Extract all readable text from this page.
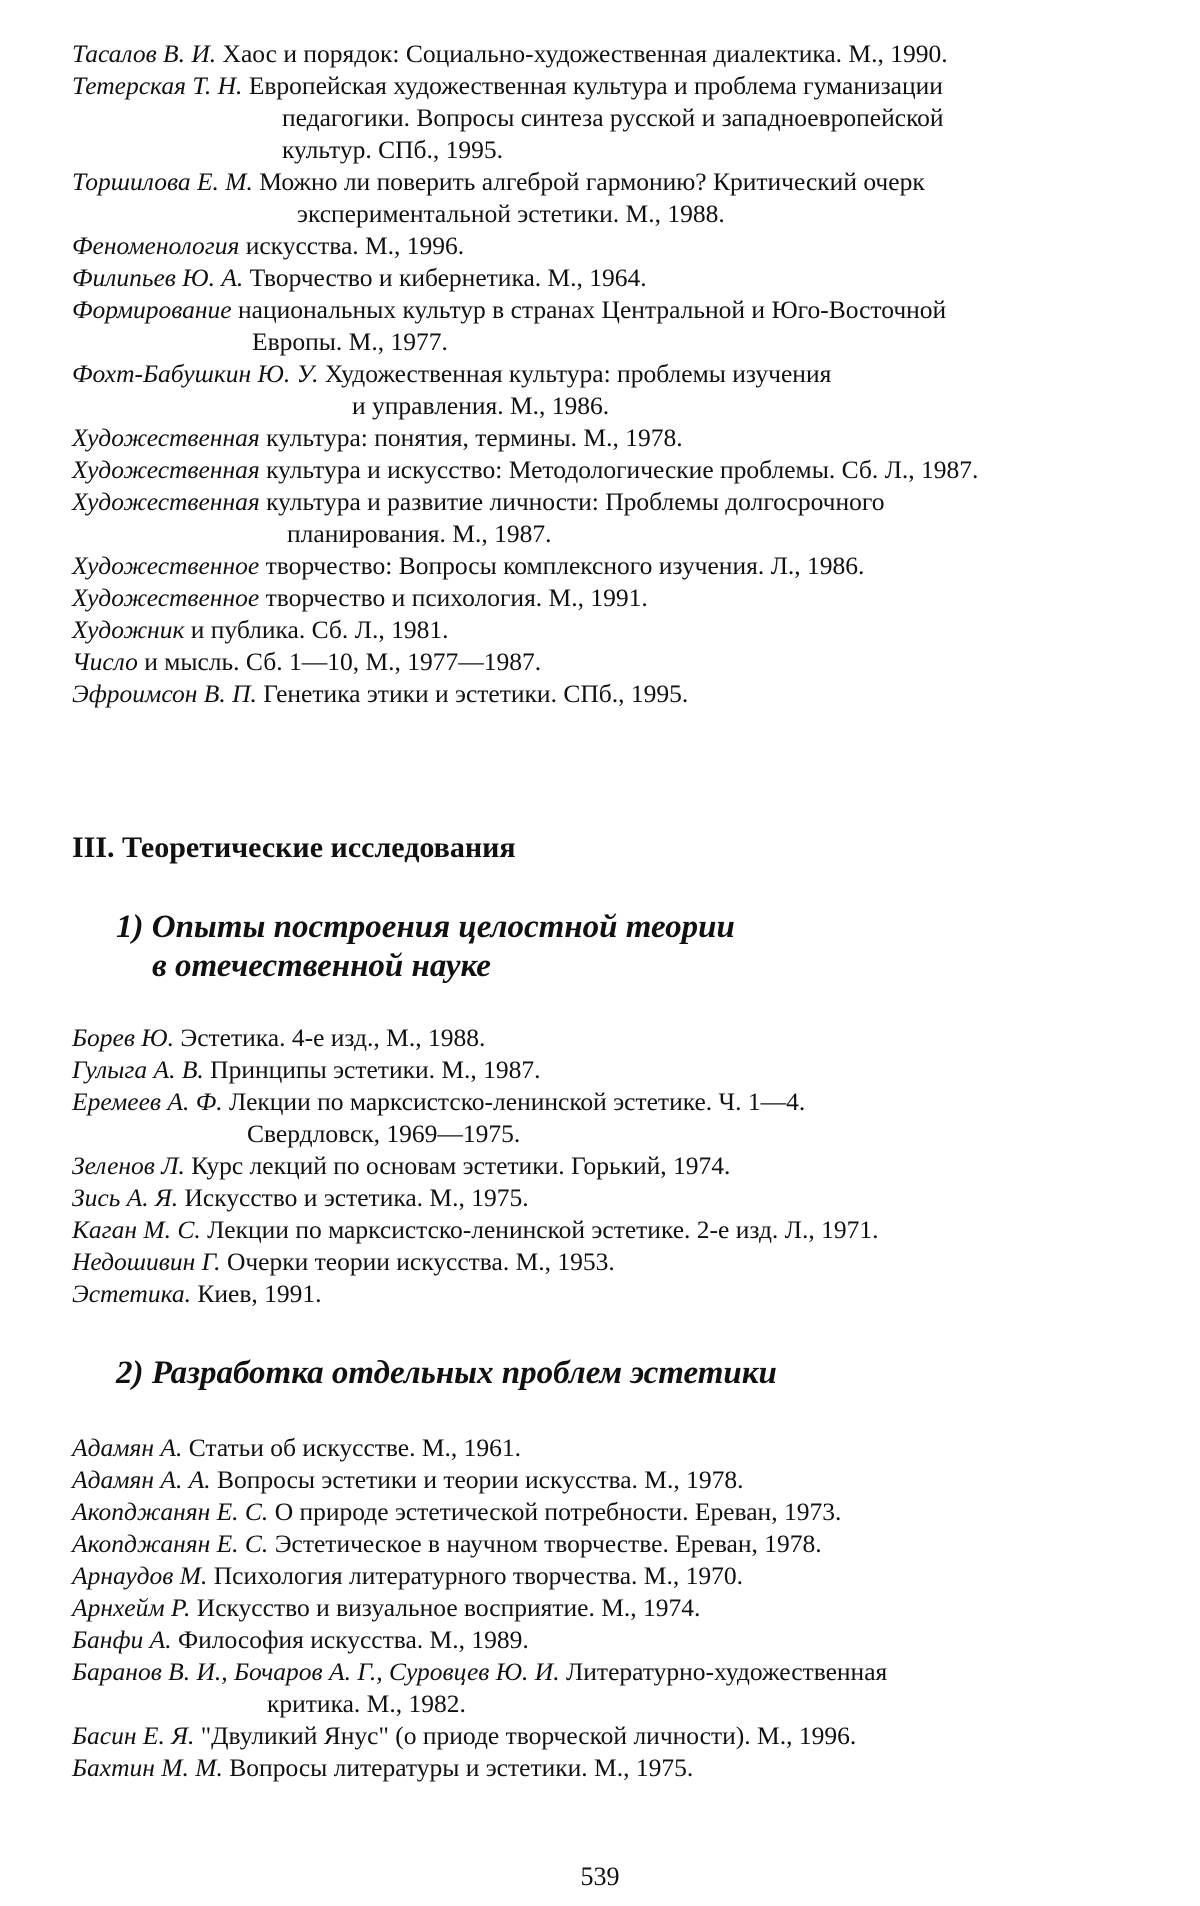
Тасалов В. И. Хаос и порядок: Социально-художественная диалектика. М., 1990.
Тетерская Т. Н. Европейская художественная культура и проблема гуманизации
педагогики. Вопросы синтеза русской и западноевропейской
культур. СПб., 1995.
Торшилова Е. М. Можно ли поверить алгеброй гармонию? Критический очерк
экспериментальной эстетики. М., 1988.
Феноменология искусства. М., 1996.
Филипьев Ю. А. Творчество и кибернетика. М., 1964.
Формирование национальных культур в странах Центральной и Юго-Восточной
Европы. М., 1977.
Фохт-Бабушкин Ю. У. Художественная культура: проблемы изучения
и управления. М., 1986.
Художественная культура: понятия, термины. М., 1978.
Художественная культура и искусство: Методологические проблемы. Сб. Л., 1987.
Художественная культура и развитие личности: Проблемы долгосрочного
планирования. М., 1987.
Художественное творчество: Вопросы комплексного изучения. Л., 1986.
Художественное творчество и психология. М., 1991.
Художник и публика. Сб. Л., 1981.
Число и мысль. Сб. 1—10, М., 1977—1987.
Эфроимсон В. П. Генетика этики и эстетики. СПб., 1995.
III. Теоретические исследования
1) Опыты построения целостной теории
в отечественной науке
Борев Ю. Эстетика. 4-е изд., М., 1988.
Гулыга А. В. Принципы эстетики. М., 1987.
Еремеев А. Ф. Лекции по марксистско-ленинской эстетике. Ч. 1—4.
Свердловск, 1969—1975.
Зеленов Л. Курс лекций по основам эстетики. Горький, 1974.
Зись А. Я. Искусство и эстетика. М., 1975.
Каган М. С. Лекции по марксистско-ленинской эстетике. 2-е изд. Л., 1971.
Недошивин Г. Очерки теории искусства. М., 1953.
Эстетика. Киев, 1991.
2) Разработка отдельных проблем эстетики
Адамян А. Статьи об искусстве. М., 1961.
Адамян А. А. Вопросы эстетики и теории искусства. М., 1978.
Акопджанян Е. С. О природе эстетической потребности. Ереван, 1973.
Акопджанян Е. С. Эстетическое в научном творчестве. Ереван, 1978.
Арнаудов М. Психология литературного творчества. М., 1970.
Арнхейм Р. Искусство и визуальное восприятие. М., 1974.
Банфи А. Философия искусства. М., 1989.
Баранов В. И., Бочаров А. Г., Суровцев Ю. И. Литературно-художественная
критика. М., 1982.
Басин Е. Я. "Двуликий Янус" (о приоде творческой личности). М., 1996.
Бахтин М. М. Вопросы литературы и эстетики. М., 1975.
539
